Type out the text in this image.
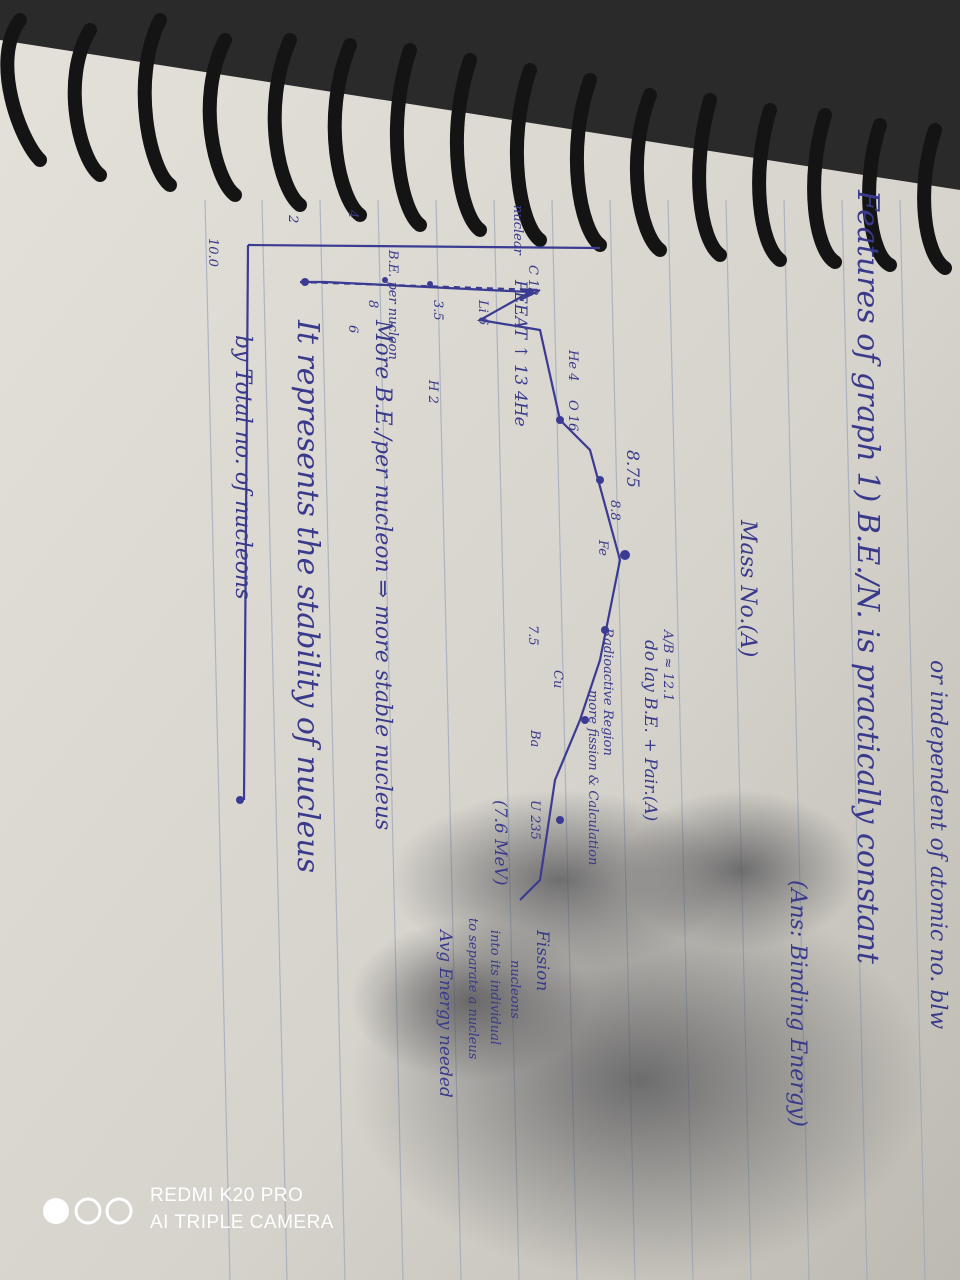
by Total no. of nucleons It represents the stability of nucleus More B.E./per nucleon ⇒ more stable nucleus
Avg Energy needed to separate a nucleus into its individual nucleons
PEEAT ↑ 13 4He
8.75
Fe
8.8
do lay B.E. + Pair.(A) A/B ≈ 12.1
Radioactive Region
more fission & Calculation
Fission
U 235
(7.6 MeV)
Mass No.(A)
B.E. per nucleon
nuclear
3.5
10.0
8
6
4
2
C 12
He 4
O 16
Li 6
H 2
7.5
Cu
Ba
(Ans: Binding Energy)
Features of graph 1) B.E./N. is practically constant or independent of atomic no. blw
REDMI K20 PRO
AI TRIPLE CAMERA
